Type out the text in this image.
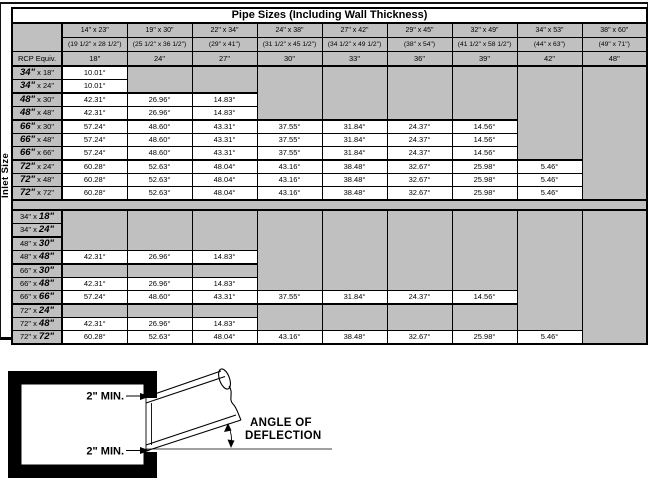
Inlet Size
Pipe Sizes (Including Wall Thickness)									
	14" x 23"	19" x 30"	22" x 34"	24" x 38"	27" x 42"	29" x 45"	32" x 49"	34" x 53"	38" x 60"
	(19 1/2" x 28 1/2")	(25 1/2" x 36 1/2")	(29" x 41")	(31 1/2" x 45 1/2")	(34 1/2" x 49 1/2")	(38" x 54")	(41 1/2" x 58 1/2")	(44" x 63")	(49" x 71")
RCP Equiv.	18"	24"	27"	30"	33"	36"	39"	42"	48"
34" x 18"	10.01°								
34" x 24"	10.01°								
48" x 30"	42.31°	26.96°	14.83°						
48" x 48"	42.31°	26.96°	14.83°						
66" x 30"	57.24°	48.60°	43.31°	37.55°	31.84°	24.37°	14.56°		
66" x 48"	57.24°	48.60°	43.31°	37.55°	31.84°	24.37°	14.56°		
66" x 66"	57.24°	48.60°	43.31°	37.55°	31.84°	24.37°	14.56°		
72" x 24"	60.28°	52.63°	48.04°	43.16°	38.48°	32.67°	25.98°	5.46°	
72" x 48"	60.28°	52.63°	48.04°	43.16°	38.48°	32.67°	25.98°	5.46°	
72" x 72"	60.28°	52.63°	48.04°	43.16°	38.48°	32.67°	25.98°	5.46°	

34" x 18"									
34" x 24"									
48" x 30"									
48" x 48"	42.31°	26.96°	14.83°						
66" x 30"									
66" x 48"	42.31°	26.96°	14.83°						
66" x 66"	57.24°	48.60°	43.31°	37.55°	31.84°	24.37°	14.56°		
72" x 24"									
72" x 48"	42.31°	26.96°	14.83°						
72" x 72"	60.28°	52.63°	48.04°	43.16°	38.48°	32.67°	25.98°	5.46°	
2" MIN.
2" MIN.
ANGLE OF
DEFLECTION
